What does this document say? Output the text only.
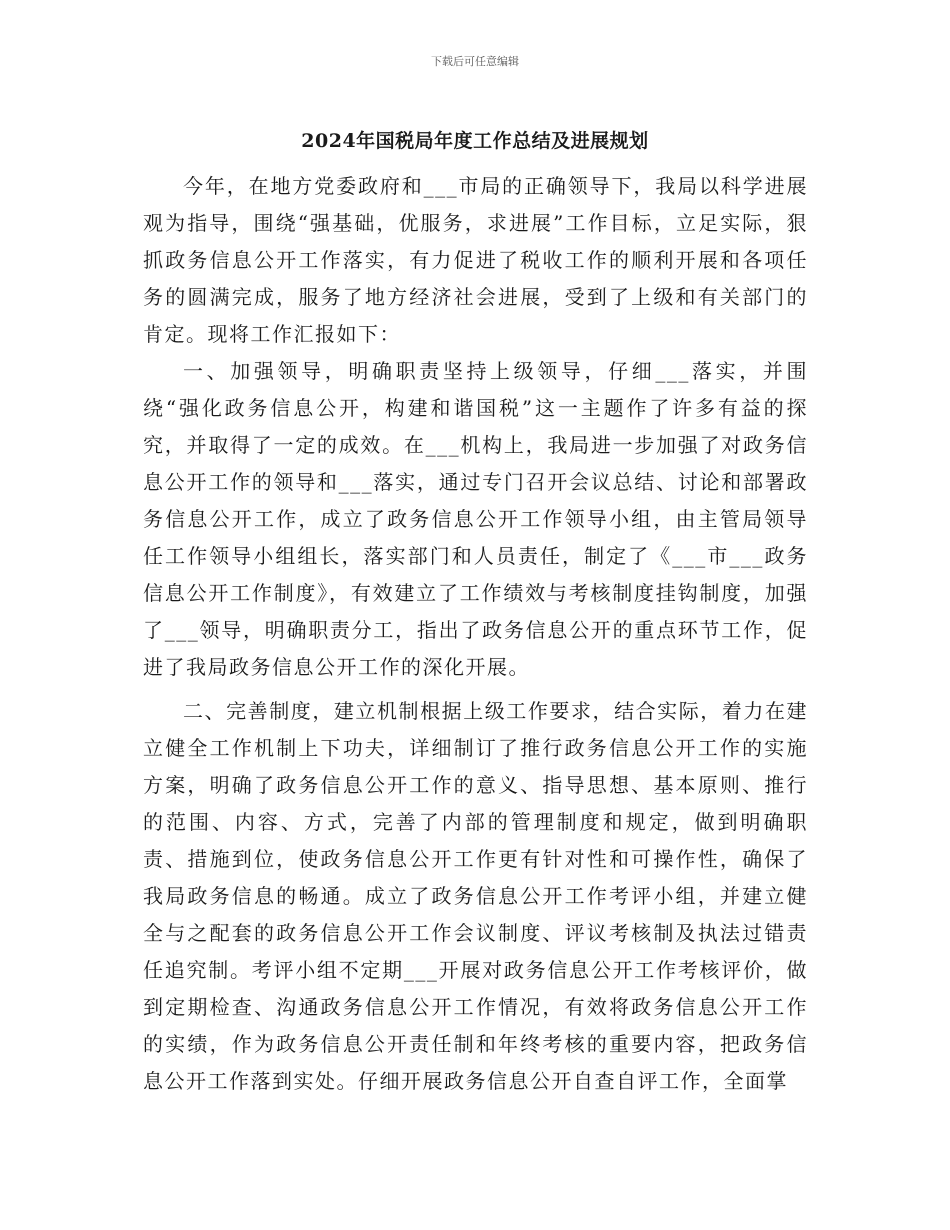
下载后可任意编辑
2024年国税局年度工作总结及进展规划

今年，在地方党委政府和___市局的正确领导下，我局以科学进展观为指导，围绕“强基础，优服务，求进展”工作目标，立足实际，狠抓政务信息公开工作落实，有力促进了税收工作的顺利开展和各项任务的圆满完成，服务了地方经济社会进展，受到了上级和有关部门的肯定。现将工作汇报如下：

一、加强领导，明确职责坚持上级领导，仔细___落实，并围绕“强化政务信息公开，构建和谐国税”这一主题作了许多有益的探究，并取得了一定的成效。在___机构上，我局进一步加强了对政务信息公开工作的领导和___落实，通过专门召开会议总结、讨论和部署政务信息公开工作，成立了政务信息公开工作领导小组，由主管局领导任工作领导小组组长，落实部门和人员责任，制定了《___市___政务信息公开工作制度》，有效建立了工作绩效与考核制度挂钩制度，加强了___领导，明确职责分工，指出了政务信息公开的重点环节工作，促进了我局政务信息公开工作的深化开展。

二、完善制度，建立机制根据上级工作要求，结合实际，着力在建立健全工作机制上下功夫，详细制订了推行政务信息公开工作的实施方案，明确了政务信息公开工作的意义、指导思想、基本原则、推行的范围、内容、方式，完善了内部的管理制度和规定，做到明确职责、措施到位，使政务信息公开工作更有针对性和可操作性，确保了我局政务信息的畅通。成立了政务信息公开工作考评小组，并建立健全与之配套的政务信息公开工作会议制度、评议考核制及执法过错责任追究制。考评小组不定期___开展对政务信息公开工作考核评价，做到定期检查、沟通政务信息公开工作情况，有效将政务信息公开工作的实绩，作为政务信息公开责任制和年终考核的重要内容，把政务信息公开工作落到实处。仔细开展政务信息公开自查自评工作，全面掌
